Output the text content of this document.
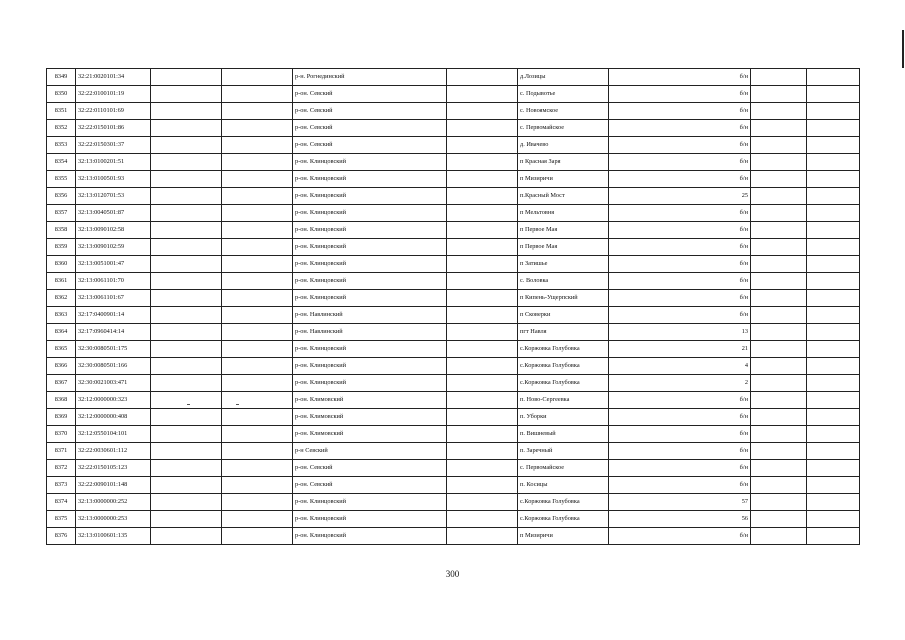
8349	32:21:0020101:34			р-н. Рогнединский		д.Лозицы	б/н		
8350	32:22:0100101:19			р-он. Севский		с. Подывотье	б/н		
8351	32:22:0110101:69			р-он. Севский		с. Новоямское	б/н		
8352	32:22:0150101:86			р-он. Севский		с. Первомайское	б/н		
8353	32:22:0150301:37			р-он. Севский		д. Ивачево	б/н		
8354	32:13:0100201:51			р-он. Клинцовский		п Красная Заря	б/н		
8355	32:13:0100501:93			р-он. Клинцовский		п Мизиричи	б/н		
8356	32:13:0120701:53			р-он. Клинцовский		п.Красный Мост	25		
8357	32:13:0040501:87			р-он. Клинцовский		п Мельтовня	б/н		
8358	32:13:0090102:58			р-он. Клинцовский		п Первое Мая	б/н		
8359	32:13:0090102:59			р-он. Клинцовский		п Первое Мая	б/н		
8360	32:13:0051001:47			р-он. Клинцовский		п Затишье	б/н		
8361	32:13:0061101:70			р-он. Клинцовский		с. Воловка	б/н		
8362	32:13:0061101:67			р-он. Клинцовский		п Кипень-Ущерпский	б/н		
8363	32:17:0400901:14			р-он. Навлинский		п Сковерки	б/н		
8364	32:17:0960414:14			р-он. Навлинский		пгт Навля	13		
8365	32:30:0080501:175			р-он. Клинцовский		с.Коржовка Голубовка	21		
8366	32:30:0080501:166			р-он. Клинцовский		с.Коржовка Голубовка	4		
8367	32:30:0021003:471			р-он. Клинцовский		с.Коржовка Голубовка	2		
8368	32:12:0000000:323			р-он. Климовский		п. Ново-Сергеевка	б/н		
8369	32:12:0000000:408			р-он. Климовский		п. Уборки	б/н		
8370	32:12:0550104:101			р-он. Климовский		п. Вишневый	б/н		
8371	32:22:0030601:112			р-н Севский		п. Заречный	б/н		
8372	32:22:0150105:123			р-он. Севский		с. Первомайское	б/н		
8373	32:22:0090101:148			р-он. Севский		п. Косицы	б/н		
8374	32:13:0000000:252			р-он. Клинцовский		с.Коржовка Голубовка	57		
8375	32:13:0000000:253			р-он. Клинцовский		с.Коржовка Голубовка	56		
8376	32:13:0100601:135			р-он. Клинцовский		п Мизиричи	б/н		
300
